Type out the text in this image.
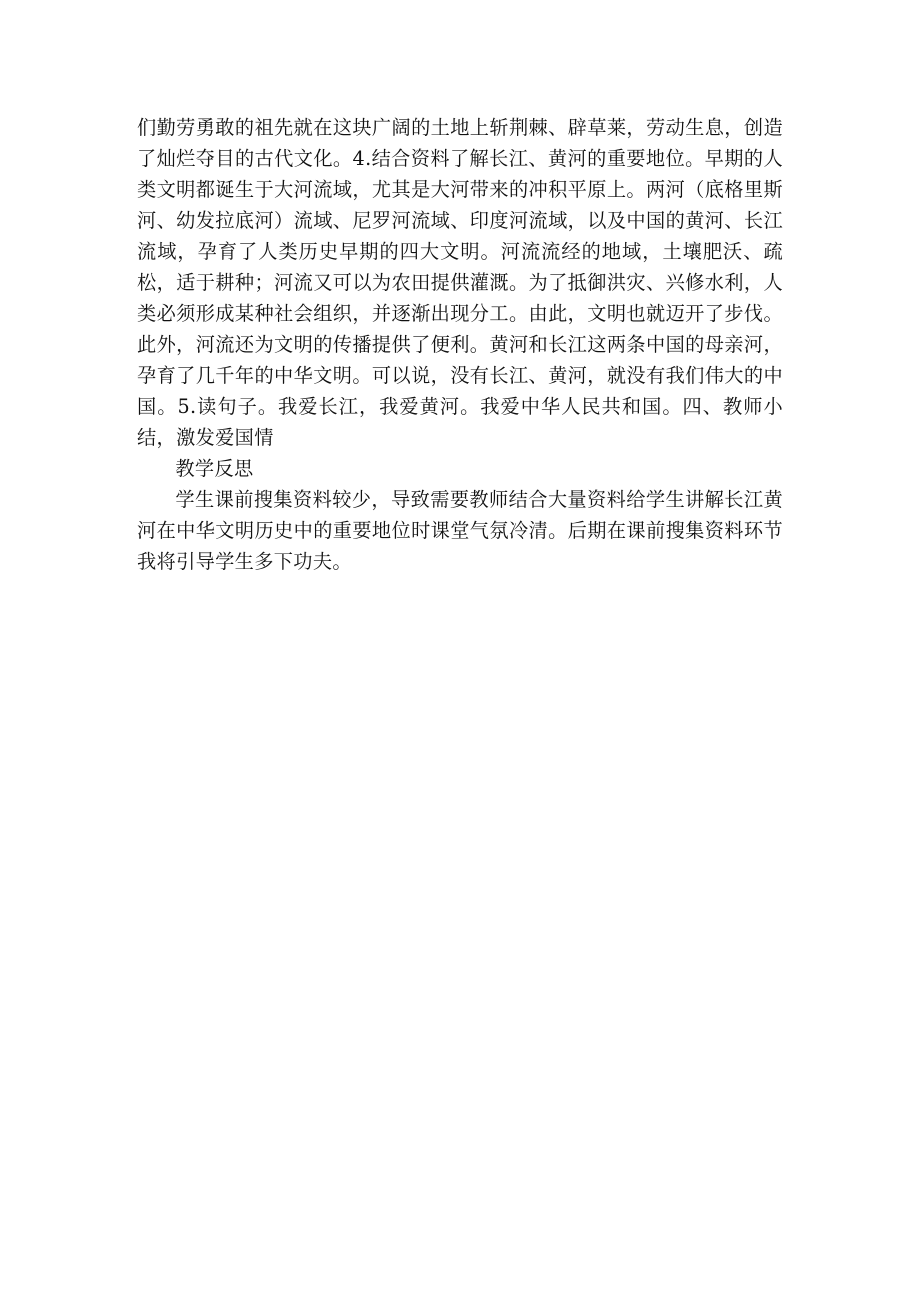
们勤劳勇敢的祖先就在这块广阔的土地上斩荆棘、辟草莱，劳动生息，创造了灿烂夺目的古代文化。4.结合资料了解长江、黄河的重要地位。早期的人类文明都诞生于大河流域，尤其是大河带来的冲积平原上。两河（底格里斯河、幼发拉底河）流域、尼罗河流域、印度河流域，以及中国的黄河、长江流域，孕育了人类历史早期的四大文明。河流流经的地域，土壤肥沃、疏松，适于耕种；河流又可以为农田提供灌溉。为了抵御洪灾、兴修水利，人类必须形成某种社会组织，并逐渐出现分工。由此，文明也就迈开了步伐。此外，河流还为文明的传播提供了便利。黄河和长江这两条中国的母亲河，孕育了几千年的中华文明。可以说，没有长江、黄河，就没有我们伟大的中国。5.读句子。我爱长江，我爱黄河。我爱中华人民共和国。四、教师小结，激发爱国情

教学反思

学生课前搜集资料较少，导致需要教师结合大量资料给学生讲解长江黄河在中华文明历史中的重要地位时课堂气氛冷清。后期在课前搜集资料环节我将引导学生多下功夫。
